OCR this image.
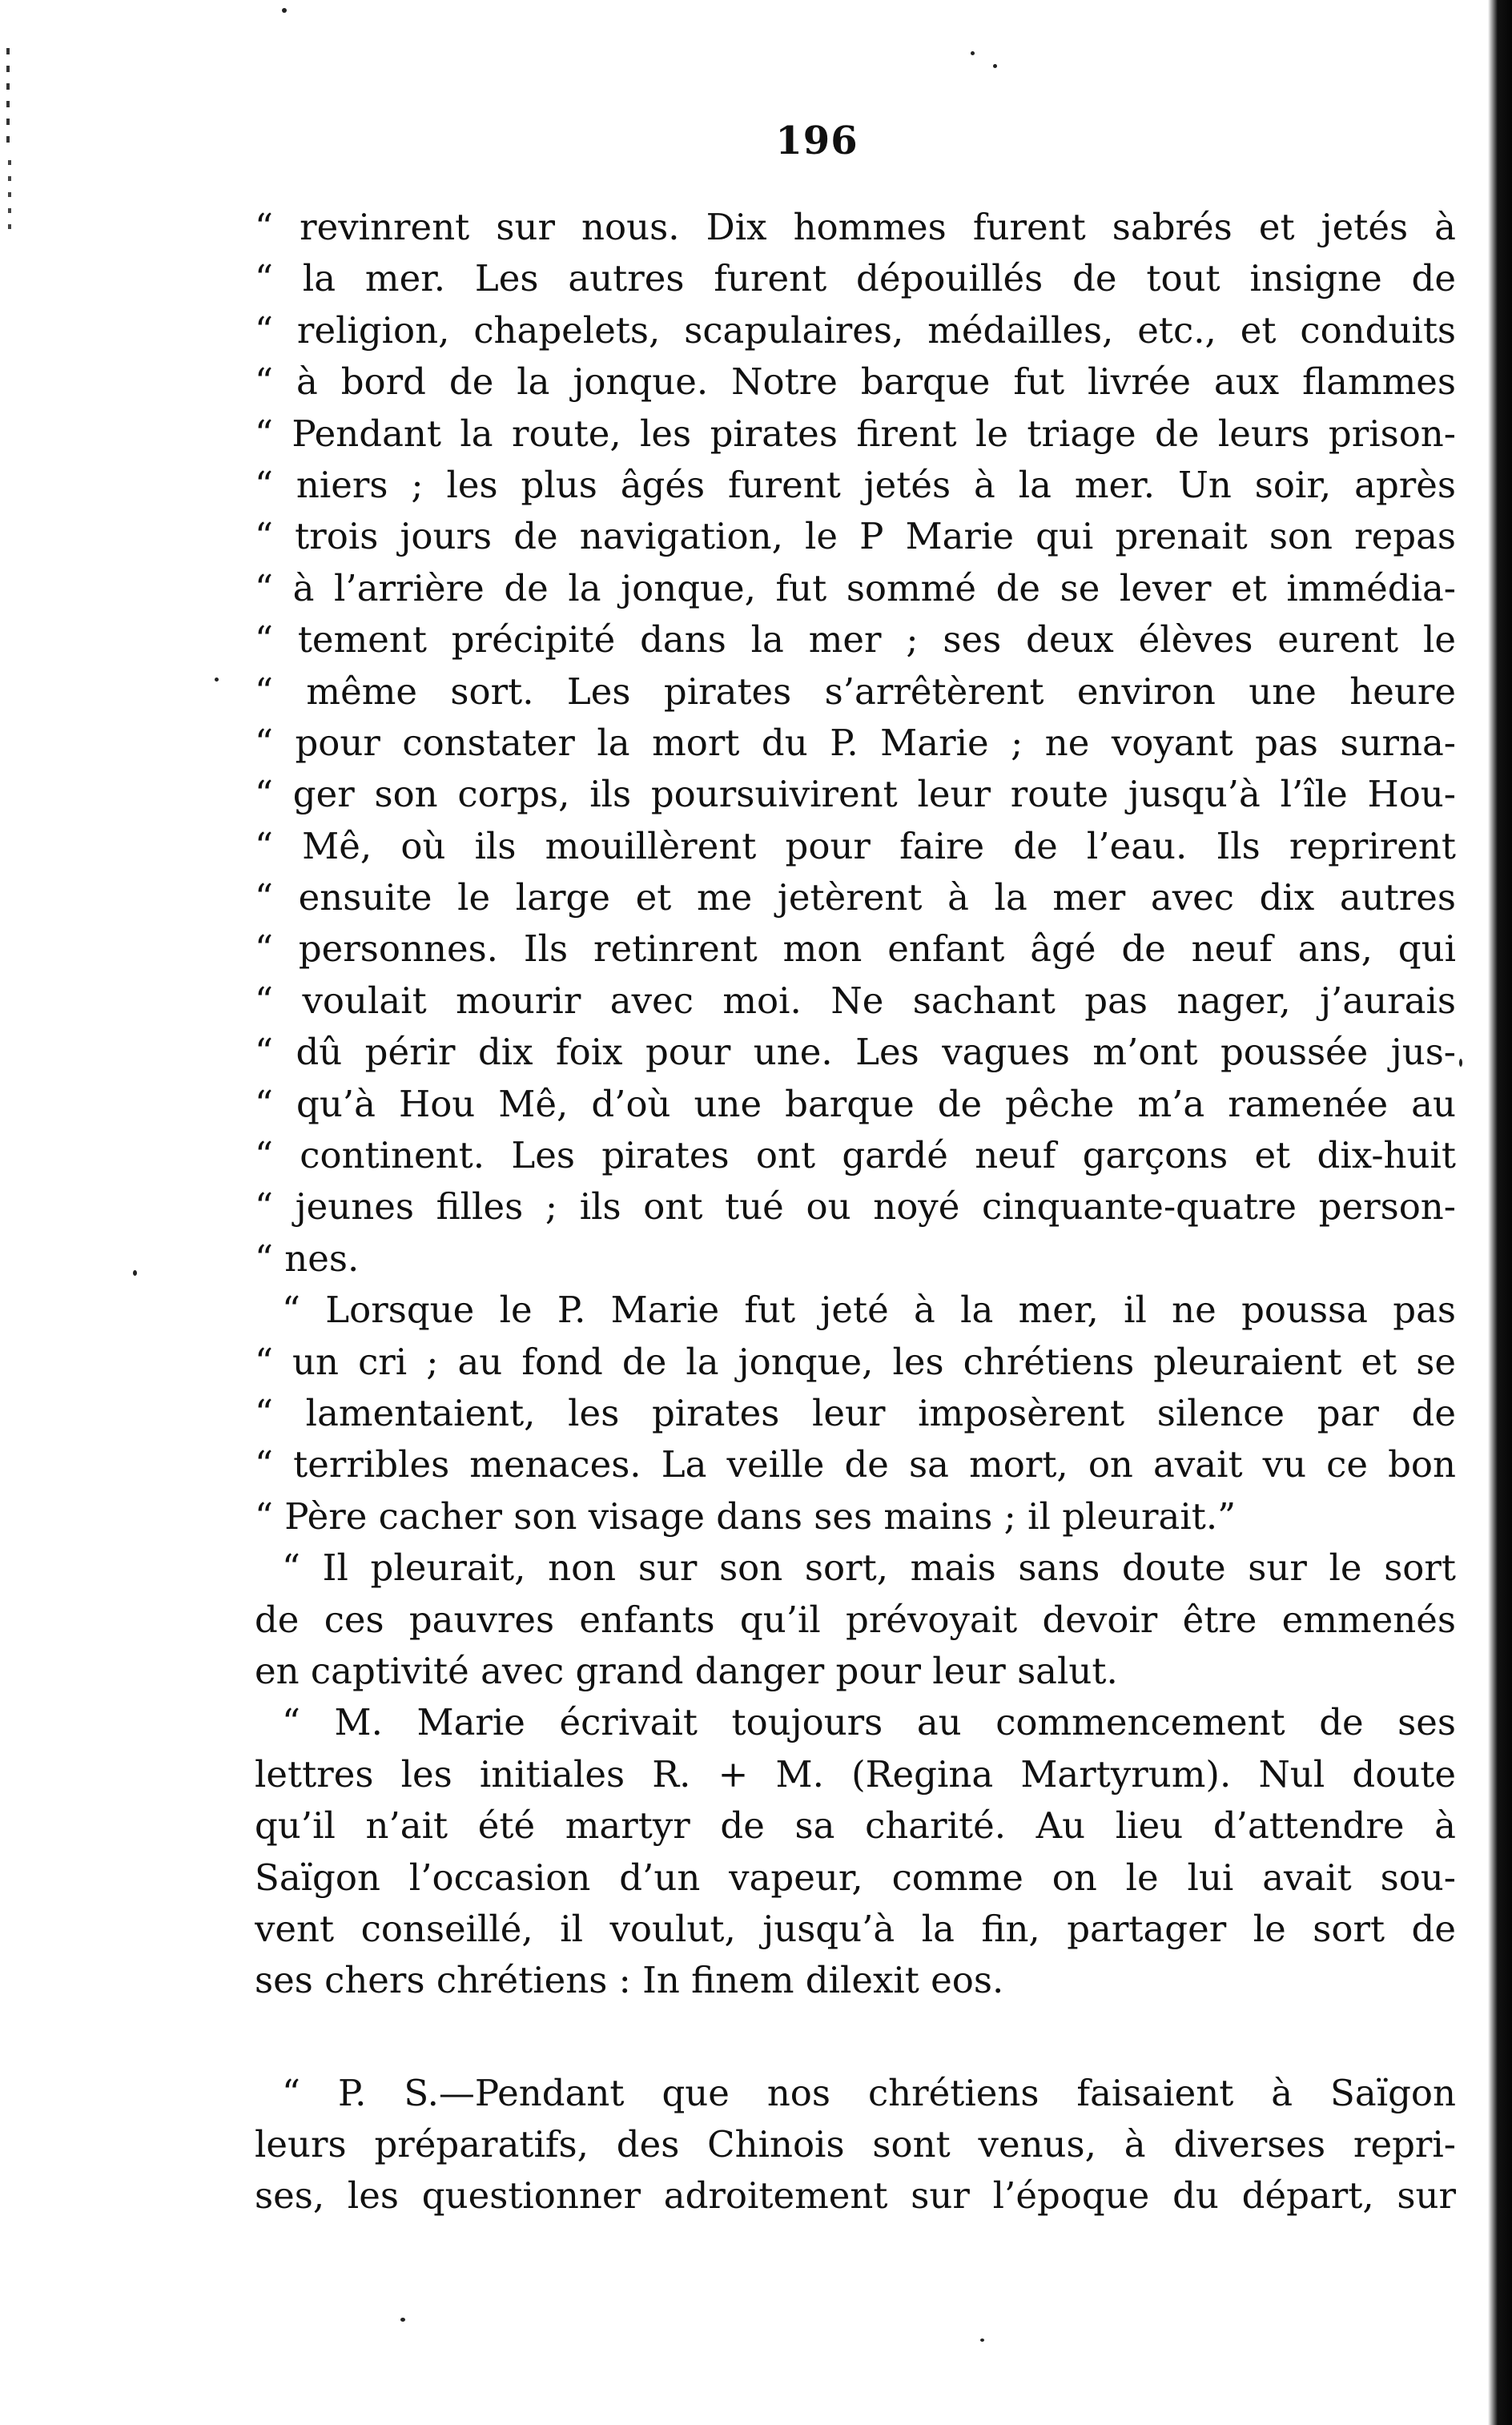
196
“ revinrent sur nous. Dix hommes furent sabrés et jetés à
“ la mer. Les autres furent dépouillés de tout insigne de
“ religion, chapelets, scapulaires, médailles, etc., et conduits
“ à bord de la jonque. Notre barque fut livrée aux flammes
“ Pendant la route, les pirates firent le triage de leurs prison-
“ niers ; les plus âgés furent jetés à la mer. Un soir, après
“ trois jours de navigation, le P Marie qui prenait son repas
“ à l’arrière de la jonque, fut sommé de se lever et immédia-
“ tement précipité dans la mer ; ses deux élèves eurent le
“ même sort. Les pirates s’arrêtèrent environ une heure
“ pour constater la mort du P. Marie ; ne voyant pas surna-
“ ger son corps, ils poursuivirent leur route jusqu’à l’île Hou-
“ Mê, où ils mouillèrent pour faire de l’eau. Ils reprirent
“ ensuite le large et me jetèrent à la mer avec dix autres
“ personnes. Ils retinrent mon enfant âgé de neuf ans, qui
“ voulait mourir avec moi. Ne sachant pas nager, j’aurais
“ dû périr dix foix pour une. Les vagues m’ont poussée jus-
“ qu’à Hou Mê, d’où une barque de pêche m’a ramenée au
“ continent. Les pirates ont gardé neuf garçons et dix-huit
“ jeunes filles ; ils ont tué ou noyé cinquante-quatre person-
“ nes.
“ Lorsque le P. Marie fut jeté à la mer, il ne poussa pas
“ un cri ; au fond de la jonque, les chrétiens pleuraient et se
“ lamentaient, les pirates leur imposèrent silence par de
“ terribles menaces. La veille de sa mort, on avait vu ce bon
“ Père cacher son visage dans ses mains ; il pleurait.”
“ Il pleurait, non sur son sort, mais sans doute sur le sort
de ces pauvres enfants qu’il prévoyait devoir être emmenés
en captivité avec grand danger pour leur salut.
“ M. Marie écrivait toujours au commencement de ses
lettres les initiales R. + M. (Regina Martyrum). Nul doute
qu’il n’ait été martyr de sa charité. Au lieu d’attendre à
Saïgon l’occasion d’un vapeur, comme on le lui avait sou-
vent conseillé, il voulut, jusqu’à la fin, partager le sort de
ses chers chrétiens : In finem dilexit eos.
“ P. S.—Pendant que nos chrétiens faisaient à Saïgon
leurs préparatifs, des Chinois sont venus, à diverses repri-
ses, les questionner adroitement sur l’époque du départ, sur
